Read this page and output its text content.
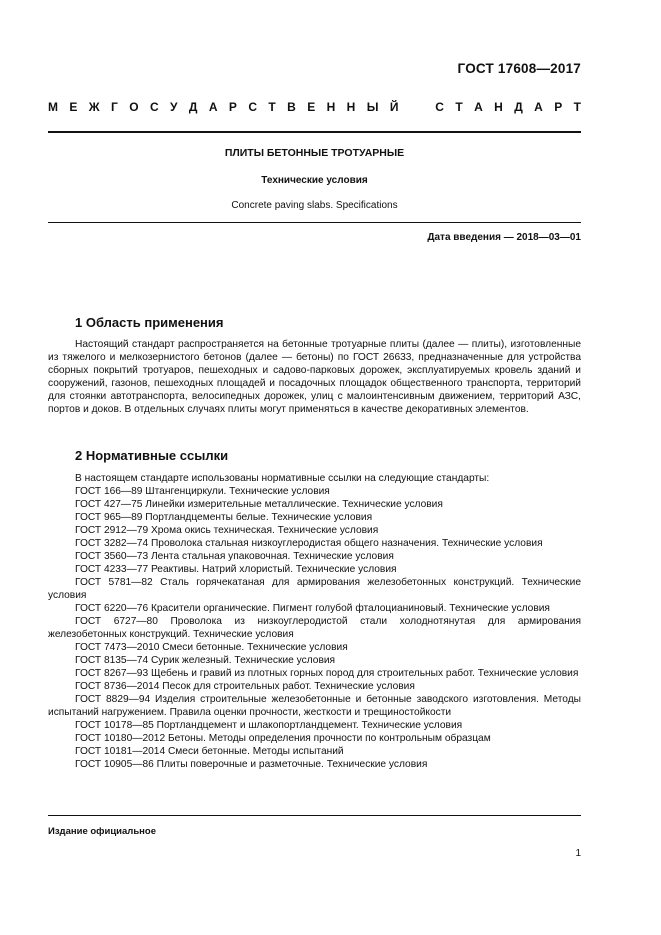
ГОСТ 17608—2017
М Е Ж Г О С У Д А Р С Т В Е Н Н Ы Й	С Т А Н Д А Р Т
ПЛИТЫ БЕТОННЫЕ ТРОТУАРНЫЕ
Технические условия
Concrete paving slabs. Specifications
Дата введения — 2018—03—01
1 Область применения
Настоящий стандарт распространяется на бетонные тротуарные плиты (далее — плиты), изготовленные из тяжелого и мелкозернистого бетонов (далее — бетоны) по ГОСТ 26633, предназначенные для устройства сборных покрытий тротуаров, пешеходных и садово-парковых дорожек, эксплуатируемых кровель зданий и сооружений, газонов, пешеходных площадей и посадочных площадок общественного транспорта, территорий для стоянки автотранспорта, велосипедных дорожек, улиц с малоинтенсивным движением, территорий АЗС, портов и доков. В отдельных случаях плиты могут применяться в качестве декоративных элементов.
2 Нормативные ссылки
В настоящем стандарте использованы нормативные ссылки на следующие стандарты:
ГОСТ 166—89 Штангенциркули. Технические условия
ГОСТ 427—75 Линейки измерительные металлические. Технические условия
ГОСТ 965—89 Портландцементы белые. Технические условия
ГОСТ 2912—79 Хрома окись техническая. Технические условия
ГОСТ 3282—74 Проволока стальная низкоуглеродистая общего назначения. Технические условия
ГОСТ 3560—73 Лента стальная упаковочная. Технические условия
ГОСТ 4233—77 Реактивы. Натрий хлористый. Технические условия
ГОСТ 5781—82 Сталь горячекатаная для армирования железобетонных конструкций. Технические условия
ГОСТ 6220—76 Красители органические. Пигмент голубой фталоцианиновый. Технические условия
ГОСТ 6727—80 Проволока из низкоуглеродистой стали холоднотянутая для армирования железобетонных конструкций. Технические условия
ГОСТ 7473—2010 Смеси бетонные. Технические условия
ГОСТ 8135—74 Сурик железный. Технические условия
ГОСТ 8267—93 Щебень и гравий из плотных горных пород для строительных работ. Технические условия
ГОСТ 8736—2014 Песок для строительных работ. Технические условия
ГОСТ 8829—94 Изделия строительные железобетонные и бетонные заводского изготовления. Методы испытаний нагружением. Правила оценки прочности, жесткости и трещиностойкости
ГОСТ 10178—85 Портландцемент и шлакопортландцемент. Технические условия
ГОСТ 10180—2012 Бетоны. Методы определения прочности по контрольным образцам
ГОСТ 10181—2014 Смеси бетонные. Методы испытаний
ГОСТ 10905—86 Плиты поверочные и разметочные. Технические условия
Издание официальное
1
